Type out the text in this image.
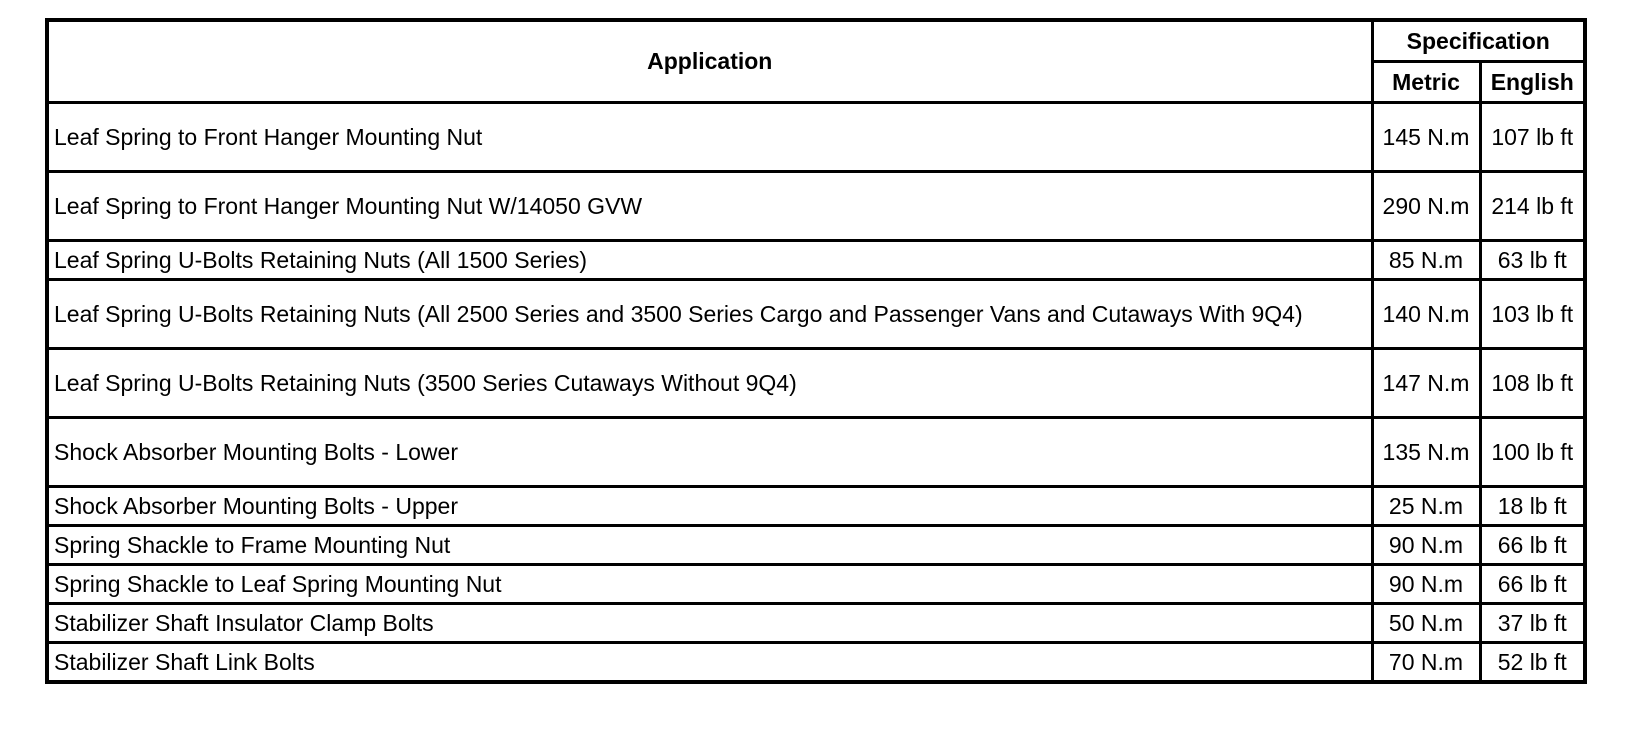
Application	Specification	
	Metric	English
Leaf Spring to Front Hanger Mounting Nut	145 N.m	107 lb ft
Leaf Spring to Front Hanger Mounting Nut W/14050 GVW	290 N.m	214 lb ft
Leaf Spring U-Bolts Retaining Nuts (All 1500 Series)	85 N.m	63 lb ft
Leaf Spring U-Bolts Retaining Nuts (All 2500 Series and 3500 Series Cargo and Passenger Vans and Cutaways With 9Q4)	140 N.m	103 lb ft
Leaf Spring U-Bolts Retaining Nuts (3500 Series Cutaways Without 9Q4)	147 N.m	108 lb ft
Shock Absorber Mounting Bolts - Lower	135 N.m	100 lb ft
Shock Absorber Mounting Bolts - Upper	25 N.m	18 lb ft
Spring Shackle to Frame Mounting Nut	90 N.m	66 lb ft
Spring Shackle to Leaf Spring Mounting Nut	90 N.m	66 lb ft
Stabilizer Shaft Insulator Clamp Bolts	50 N.m	37 lb ft
Stabilizer Shaft Link Bolts	70 N.m	52 lb ft
